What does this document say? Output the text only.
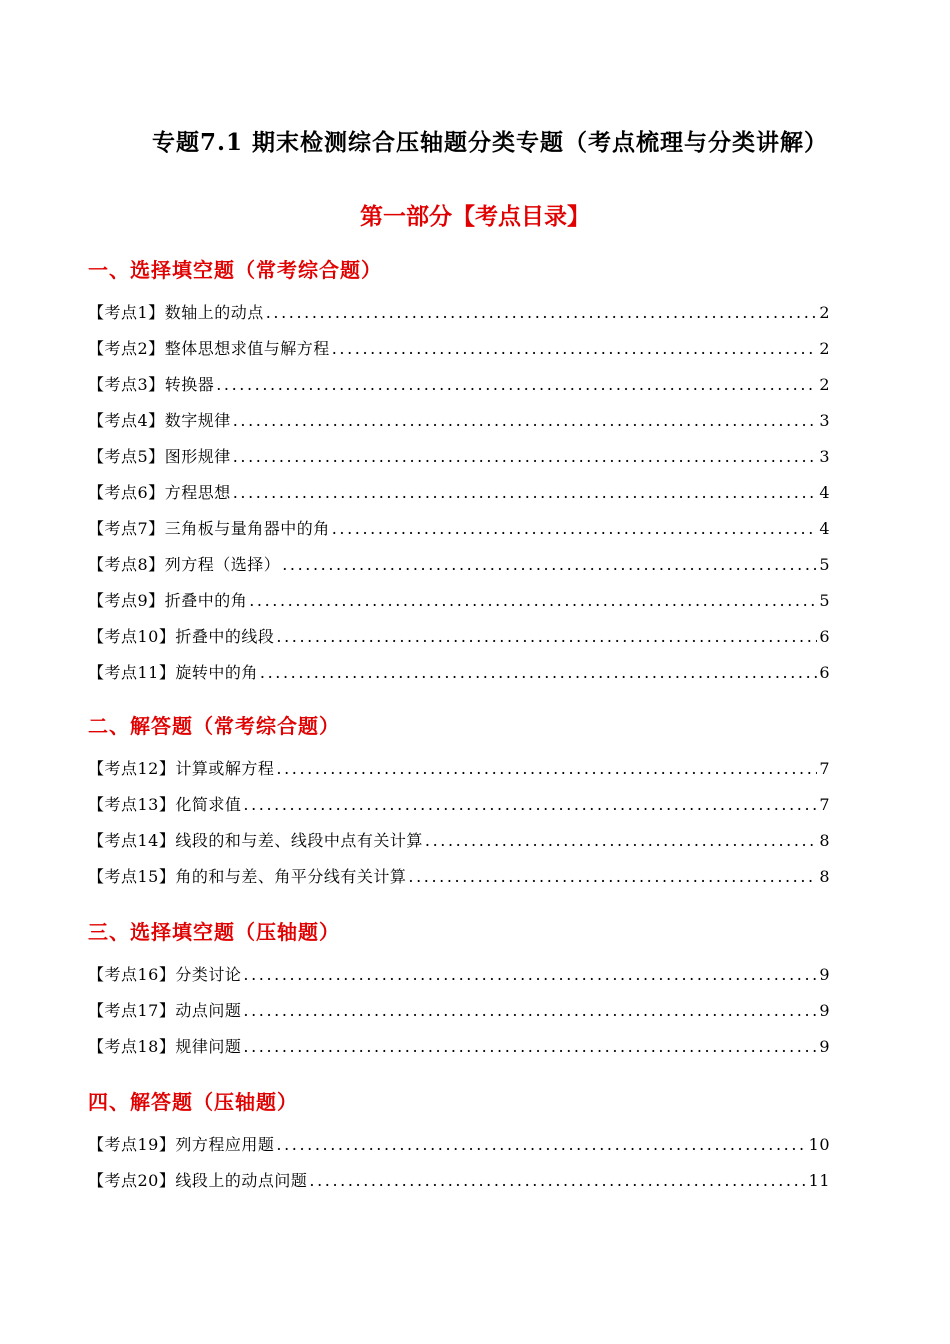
专题7.1 期末检测综合压轴题分类专题（考点梳理与分类讲解）
第一部分【考点目录】
一、选择填空题（常考综合题）
【考点1】 数轴上的动点 .....	2
【考点2】 整体思想求值与解方程 .....	2
【考点3】 转换器 .....	2
【考点4】 数字规律 .....	3
【考点5】 图形规律 .....	3
【考点6】 方程思想 .....	4
【考点7】 三角板与量角器中的角 .....	4
【考点8】 列方程（选择） .....	5
【考点9】 折叠中的角 .....	5
【考点10】 折叠中的线段 .....	6
【考点11】 旋转中的角 .....	6
二、解答题（常考综合题）
【考点12】 计算或解方程 .....	7
【考点13】 化简求值 .....	7
【考点14】 线段的和与差、线段中点有关计算 .....	8
【考点15】 角的和与差、角平分线有关计算 .....	8
三、选择填空题（压轴题）
【考点16】 分类讨论 .....	9
【考点17】 动点问题 .....	9
【考点18】 规律问题 .....	9
四、解答题（压轴题）
【考点19】 列方程应用题 .....	10
【考点20】 线段上的动点问题 .....	11
